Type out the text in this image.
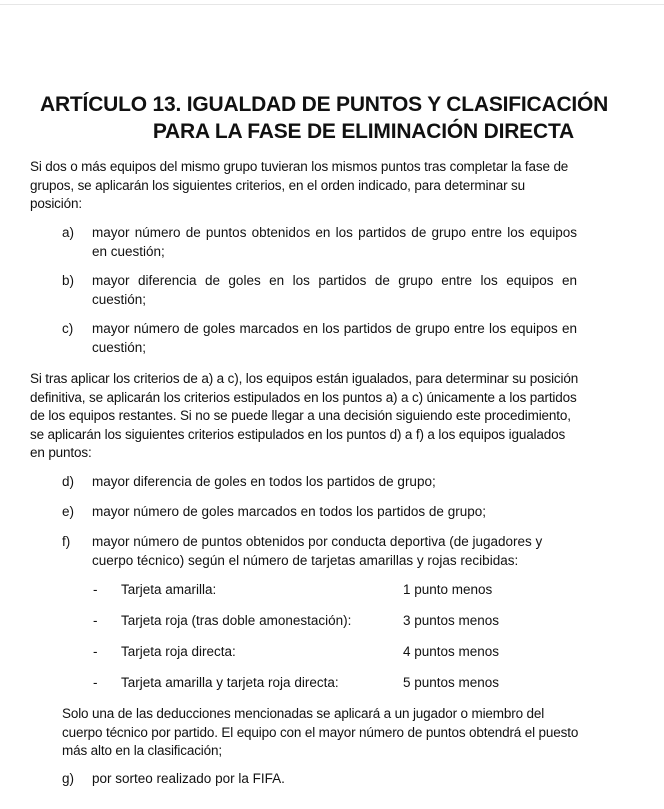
ARTÍCULO 13. IGUALDAD DE PUNTOS Y CLASIFICACIÓN
PARA LA FASE DE ELIMINACIÓN DIRECTA
Si dos o más equipos del mismo grupo tuvieran los mismos puntos tras completar la fase de grupos, se aplicarán los siguientes criterios, en el orden indicado, para determinar su posición:
a) mayor número de puntos obtenidos en los partidos de grupo entre los equipos en cuestión;
b) mayor diferencia de goles en los partidos de grupo entre los equipos en cuestión;
c) mayor número de goles marcados en los partidos de grupo entre los equipos en cuestión;
Si tras aplicar los criterios de a) a c), los equipos están igualados, para determinar su posición definitiva, se aplicarán los criterios estipulados en los puntos a) a c) únicamente a los partidos de los equipos restantes. Si no se puede llegar a una decisión siguiendo este procedimiento, se aplicarán los siguientes criterios estipulados en los puntos d) a f) a los equipos igualados en puntos:
d) mayor diferencia de goles en todos los partidos de grupo;
e) mayor número de goles marcados en todos los partidos de grupo;
f) mayor número de puntos obtenidos por conducta deportiva (de jugadores y cuerpo técnico) según el número de tarjetas amarillas y rojas recibidas:
- Tarjeta amarilla:	1 punto menos
- Tarjeta roja (tras doble amonestación):	3 puntos menos
- Tarjeta roja directa:	4 puntos menos
- Tarjeta amarilla y tarjeta roja directa:	5 puntos menos
Solo una de las deducciones mencionadas se aplicará a un jugador o miembro del cuerpo técnico por partido. El equipo con el mayor número de puntos obtendrá el puesto más alto en la clasificación;
g) por sorteo realizado por la FIFA.
